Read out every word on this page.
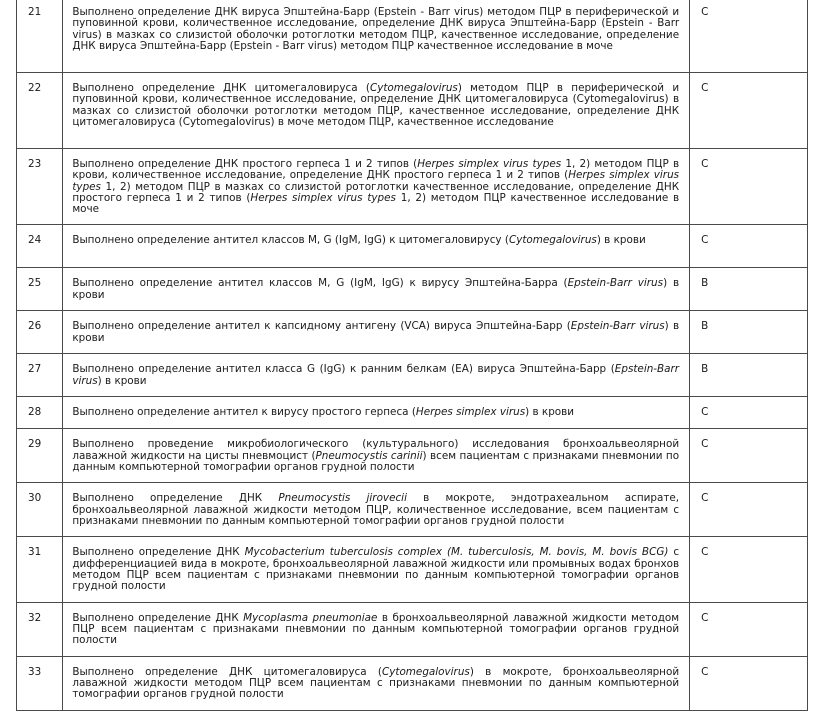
21	Выполнено определение ДНК вируса Эпштейна-Барр (Epstein - Barr virus) методом ПЦР в периферической и пуповинной крови, количественное исследование, определение ДНК вируса Эпштейна-Барр (Epstein - Barr virus) в мазках со слизистой оболочки ротоглотки методом ПЦР, качественное исследование, определение ДНК вируса Эпштейна-Барр (Epstein - Barr virus) методом ПЦР качественное исследование в моче	С
22	Выполнено определение ДНК цитомегаловируса (Cytomegalovirus) методом ПЦР в периферической и пуповинной крови, количественное исследование, определение ДНК цитомегаловируса (Cytomegalovirus) в мазках со слизистой оболочки ротоглотки методом ПЦР, качественное исследование, определение ДНК цитомегаловируса (Cytomegalovirus) в моче методом ПЦР, качественное исследование	С
23	Выполнено определение ДНК простого герпеса 1 и 2 типов (Herpes simplex virus types 1, 2) методом ПЦР в крови, количественное исследование, определение ДНК простого герпеса 1 и 2 типов (Herpes simplex virus types 1, 2) методом ПЦР в мазках со слизистой ротоглотки качественное исследование, определение ДНК простого герпеса 1 и 2 типов (Herpes simplex virus types 1, 2) методом ПЦР качественное исследование в моче	С
24	Выполнено определение антител классов M, G (IgM, IgG) к цитомегаловирусу (Cytomegalovirus) в крови	С
25	Выполнено определение антител классов M, G (IgM, IgG) к вирусу Эпштейна-Барра (Epstein-Barr virus) в крови	В
26	Выполнено определение антител к капсидному антигену (VCA) вируса Эпштейна-Барр (Epstein-Barr virus) в крови	В
27	Выполнено определение антител класса G (IgG) к ранним белкам (EA) вируса Эпштейна-Барр (Epstein-Barr virus) в крови	В
28	Выполнено определение антител к вирусу простого герпеса (Herpes simplex virus) в крови	С
29	Выполнено проведение микробиологического (культурального) исследования бронхоальвеолярной лаважной жидкости на цисты пневмоцист (Pneumocystis carinii) всем пациентам с признаками пневмонии по данным компьютерной томографии органов грудной полости	С
30	Выполнено определение ДНК Pneumocystis jirovecii в мокроте, эндотрахеальном аспирате, бронхоальвеолярной лаважной жидкости методом ПЦР, количественное исследование, всем пациентам с признаками пневмонии по данным компьютерной томографии органов грудной полости	С
31	Выполнено определение ДНК Mycobacterium tuberculosis complex (M. tuberculosis, M. bovis, M. bovis BCG) с дифференциацией вида в мокроте, бронхоальвеолярной лаважной жидкости или промывных водах бронхов методом ПЦР всем пациентам с признаками пневмонии по данным компьютерной томографии органов грудной полости	С
32	Выполнено определение ДНК Mycoplasma pneumoniae в бронхоальвеолярной лаважной жидкости методом ПЦР всем пациентам с признаками пневмонии по данным компьютерной томографии органов грудной полости	С
33	Выполнено определение ДНК цитомегаловируса (Cytomegalovirus) в мокроте, бронхоальвеолярной лаважной жидкости методом ПЦР всем пациентам с признаками пневмонии по данным компьютерной томографии органов грудной полости	С
